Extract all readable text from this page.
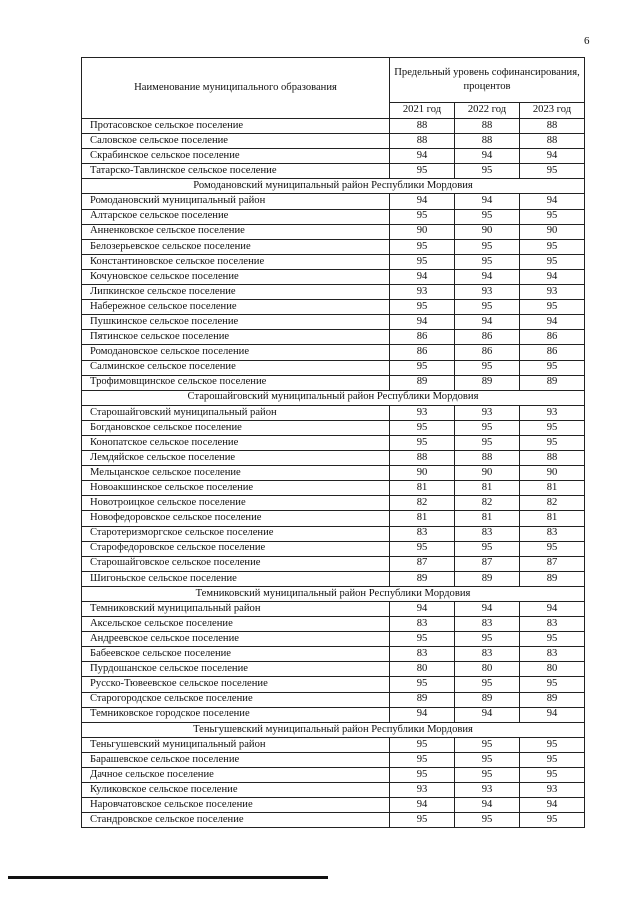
6
Наименование муниципального образования	Предельный уровень софинансирования, процентов		
	2021 год	2022 год	2023 год
Протасовское сельское поселение	88	88	88
Саловское сельское поселение	88	88	88
Скрабинское сельское поселение	94	94	94
Татарско-Тавлинское сельское поселение	95	95	95
Ромодановский муниципальный район Республики Мордовия			
Ромодановский муниципальный район	94	94	94
Алтарское сельское поселение	95	95	95
Анненковское сельское поселение	90	90	90
Белозерьевское сельское поселение	95	95	95
Константиновское сельское поселение	95	95	95
Кочуновское сельское поселение	94	94	94
Липкинское сельское поселение	93	93	93
Набережное сельское поселение	95	95	95
Пушкинское сельское поселение	94	94	94
Пятинское сельское поселение	86	86	86
Ромодановское сельское поселение	86	86	86
Салминское сельское поселение	95	95	95
Трофимовщинское сельское поселение	89	89	89
Старошайговский муниципальный район Республики Мордовия			
Старошайговский муниципальный район	93	93	93
Богдановское сельское поселение	95	95	95
Конопатское сельское поселение	95	95	95
Лемдяйское сельское поселение	88	88	88
Мельцанское сельское поселение	90	90	90
Новоакшинское сельское поселение	81	81	81
Новотроицкое сельское поселение	82	82	82
Новофедоровское сельское поселение	81	81	81
Старотеризморгское сельское поселение	83	83	83
Старофедоровское сельское поселение	95	95	95
Старошайговское сельское поселение	87	87	87
Шигоньское сельское поселение	89	89	89
Темниковский муниципальный район Республики Мордовия			
Темниковский муниципальный район	94	94	94
Аксельское сельское поселение	83	83	83
Андреевское сельское поселение	95	95	95
Бабеевское сельское поселение	83	83	83
Пурдошанское сельское поселение	80	80	80
Русско-Тювеевское сельское поселение	95	95	95
Старогородское сельское поселение	89	89	89
Темниковское городское поселение	94	94	94
Теньгушевский муниципальный район Республики Мордовия			
Теньгушевский муниципальный район	95	95	95
Барашевское сельское поселение	95	95	95
Дачное сельское поселение	95	95	95
Куликовское сельское поселение	93	93	93
Наровчатовское сельское поселение	94	94	94
Стандровское сельское поселение	95	95	95
